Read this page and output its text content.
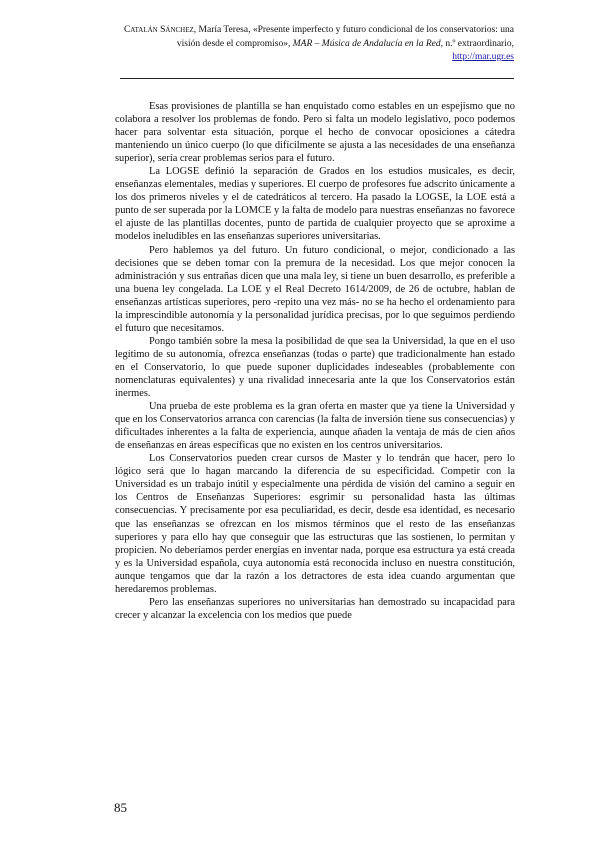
Catalán Sánchez, María Teresa, «Presente imperfecto y futuro condicional de los conservatorios: una visión desde el compromiso», MAR – Música de Andalucía en la Red, n.º extraordinario, http://mar.ugr.es

Esas provisiones de plantilla se han enquistado como estables en un espejismo que no colabora a resolver los problemas de fondo. Pero si falta un modelo legislativo, poco podemos hacer para solventar esta situación, porque el hecho de convocar oposiciones a cátedra manteniendo un único cuerpo (lo que difícilmente se ajusta a las necesidades de una enseñanza superior), sería crear problemas serios para el futuro.

La LOGSE definió la separación de Grados en los estudios musicales, es decir, enseñanzas elementales, medias y superiores. El cuerpo de profesores fue adscrito únicamente a los dos primeros niveles y el de catedráticos al tercero. Ha pasado la LOGSE, la LOE está a punto de ser superada por la LOMCE y la falta de modelo para nuestras enseñanzas no favorece el ajuste de las plantillas docentes, punto de partida de cualquier proyecto que se aproxime a modelos ineludibles en las enseñanzas superiores universitarias.

Pero hablemos ya del futuro. Un futuro condicional, o mejor, condicionado a las decisiones que se deben tomar con la premura de la necesidad. Los que mejor conocen la administración y sus entrañas dicen que una mala ley, si tiene un buen desarrollo, es preferible a una buena ley congelada. La LOE y el Real Decreto 1614/2009, de 26 de octubre, hablan de enseñanzas artísticas superiores, pero -repito una vez más- no se ha hecho el ordenamiento para la imprescindible autonomía y la personalidad jurídica precisas, por lo que seguimos perdiendo el futuro que necesitamos.

Pongo también sobre la mesa la posibilidad de que sea la Universidad, la que en el uso legítimo de su autonomía, ofrezca enseñanzas (todas o parte) que tradicionalmente han estado en el Conservatorio, lo que puede suponer duplicidades indeseables (probablemente con nomenclaturas equivalentes) y una rivalidad innecesaria ante la que los Conservatorios están inermes.

Una prueba de este problema es la gran oferta en master que ya tiene la Universidad y que en los Conservatorios arranca con carencias (la falta de inversión tiene sus consecuencias) y dificultades inherentes a la falta de experiencia, aunque añaden la ventaja de más de cien años de enseñanzas en áreas específicas que no existen en los centros universitarios.

Los Conservatorios pueden crear cursos de Master y lo tendrán que hacer, pero lo lógico será que lo hagan marcando la diferencia de su especificidad. Competir con la Universidad es un trabajo inútil y especialmente una pérdida de visión del camino a seguir en los Centros de Enseñanzas Superiores: esgrimir su personalidad hasta las últimas consecuencias. Y precisamente por esa peculiaridad, es decir, desde esa identidad, es necesario que las enseñanzas se ofrezcan en los mismos términos que el resto de las enseñanzas superiores y para ello hay que conseguir que las estructuras que las sostienen, lo permitan y propicien. No deberíamos perder energías en inventar nada, porque esa estructura ya está creada y es la Universidad española, cuya autonomía está reconocida incluso en nuestra constitución, aunque tengamos que dar la razón a los detractores de esta idea cuando argumentan que heredaremos problemas.

Pero las enseñanzas superiores no universitarias han demostrado su incapacidad para crecer y alcanzar la excelencia con los medios que puede

85
